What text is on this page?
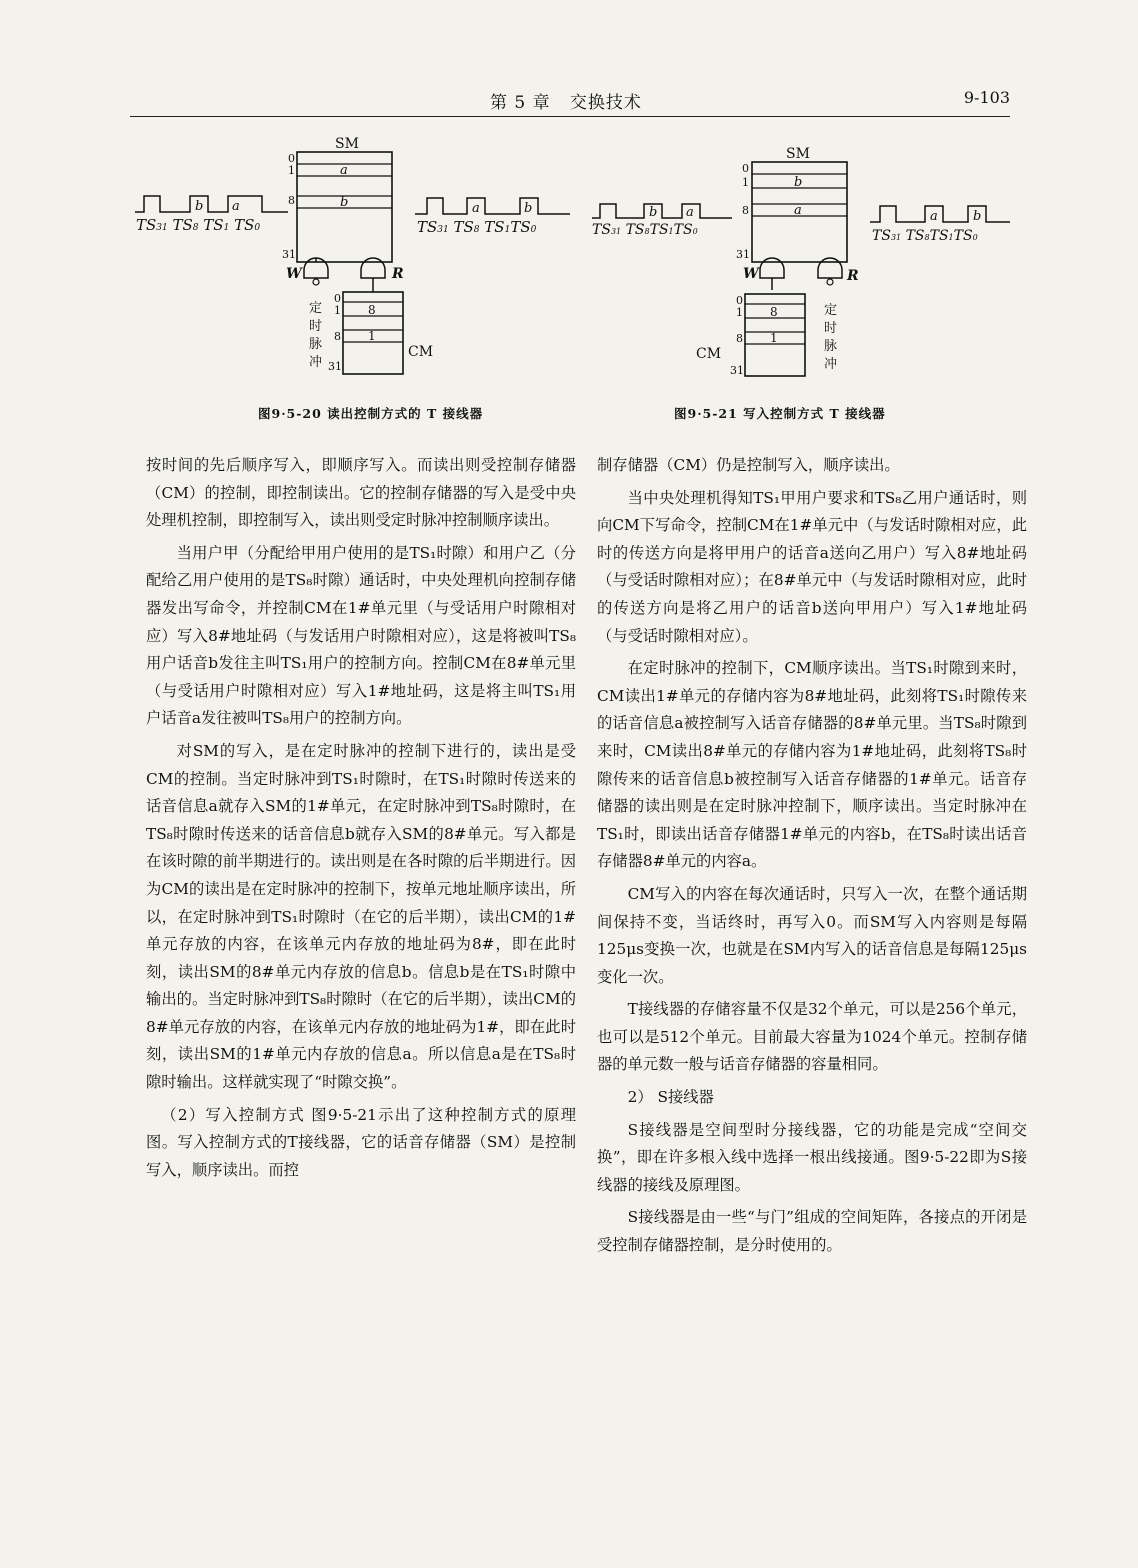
第 5 章 交换技术	9-103
b a
TS31 TS8 TS1 TS0
SM
0
1
8
31
a
b
W	R
定
时
脉
冲
0
1
8
31
8
1
CM
a	b
TS31 TS8 TS1TS0
图9·5-20 读出控制方式的 T 接线器
b a
TS31 TS8TS1TS0
SM
0
1
8
31
b
a
W	R
定
时
脉
冲
0
1
8
31
8
1
CM
a	b
TS31 TS8TS1TS0
图9·5-21 写入控制方式 T 接线器

按时间的先后顺序写入，即顺序写入。而读出则受控制存储器（CM）的控制，即控制读出。它的控制存储器的写入是受中央处理机控制，即控制写入，读出则受定时脉冲控制顺序读出。

当用户甲（分配给甲用户使用的是TS₁时隙）和用户乙（分配给乙用户使用的是TS₈时隙）通话时，中央处理机向控制存储器发出写命令，并控制CM在1#单元里（与受话用户时隙相对应）写入8#地址码（与发话用户时隙相对应），这是将被叫TS₈用户话音b发往主叫TS₁用户的控制方向。控制CM在8#单元里（与受话用户时隙相对应）写入1#地址码，这是将主叫TS₁用户话音a发往被叫TS₈用户的控制方向。

对SM的写入，是在定时脉冲的控制下进行的，读出是受CM的控制。当定时脉冲到TS₁时隙时，在TS₁时隙时传送来的话音信息a就存入SM的1#单元，在定时脉冲到TS₈时隙时，在TS₈时隙时传送来的话音信息b就存入SM的8#单元。写入都是在该时隙的前半期进行的。读出则是在各时隙的后半期进行。因为CM的读出是在定时脉冲的控制下，按单元地址顺序读出，所以，在定时脉冲到TS₁时隙时（在它的后半期），读出CM的1#单元存放的内容，在该单元内存放的地址码为8#，即在此时刻，读出SM的8#单元内存放的信息b。信息b是在TS₁时隙中输出的。当定时脉冲到TS₈时隙时（在它的后半期），读出CM的8#单元存放的内容，在该单元内存放的地址码为1#，即在此时刻，读出SM的1#单元内存放的信息a。所以信息a是在TS₈时隙时输出。这样就实现了“时隙交换”。

（2）写入控制方式 图9·5-21示出了这种控制方式的原理图。写入控制方式的T接线器，它的话音存储器（SM）是控制写入，顺序读出。而控

制存储器（CM）仍是控制写入，顺序读出。

当中央处理机得知TS₁甲用户要求和TS₈乙用户通话时，则向CM下写命令，控制CM在1#单元中（与发话时隙相对应，此时的传送方向是将甲用户的话音a送向乙用户）写入8#地址码（与受话时隙相对应）；在8#单元中（与发话时隙相对应，此时的传送方向是将乙用户的话音b送向甲用户）写入1#地址码（与受话时隙相对应）。

在定时脉冲的控制下，CM顺序读出。当TS₁时隙到来时，CM读出1#单元的存储内容为8#地址码，此刻将TS₁时隙传来的话音信息a被控制写入话音存储器的8#单元里。当TS₈时隙到来时，CM读出8#单元的存储内容为1#地址码，此刻将TS₈时隙传来的话音信息b被控制写入话音存储器的1#单元。话音存储器的读出则是在定时脉冲控制下，顺序读出。当定时脉冲在TS₁时，即读出话音存储器1#单元的内容b，在TS₈时读出话音存储器8#单元的内容a。

CM写入的内容在每次通话时，只写入一次，在整个通话期间保持不变，当话终时，再写入0。而SM写入内容则是每隔125μs变换一次，也就是在SM内写入的话音信息是每隔125μs变化一次。

T接线器的存储容量不仅是32个单元，可以是256个单元，也可以是512个单元。目前最大容量为1024个单元。控制存储器的单元数一般与话音存储器的容量相同。

2） S接线器

S接线器是空间型时分接线器，它的功能是完成“空间交换”，即在许多根入线中选择一根出线接通。图9·5-22即为S接线器的接线及原理图。

S接线器是由一些“与门”组成的空间矩阵，各接点的开闭是受控制存储器控制，是分时使用的。
